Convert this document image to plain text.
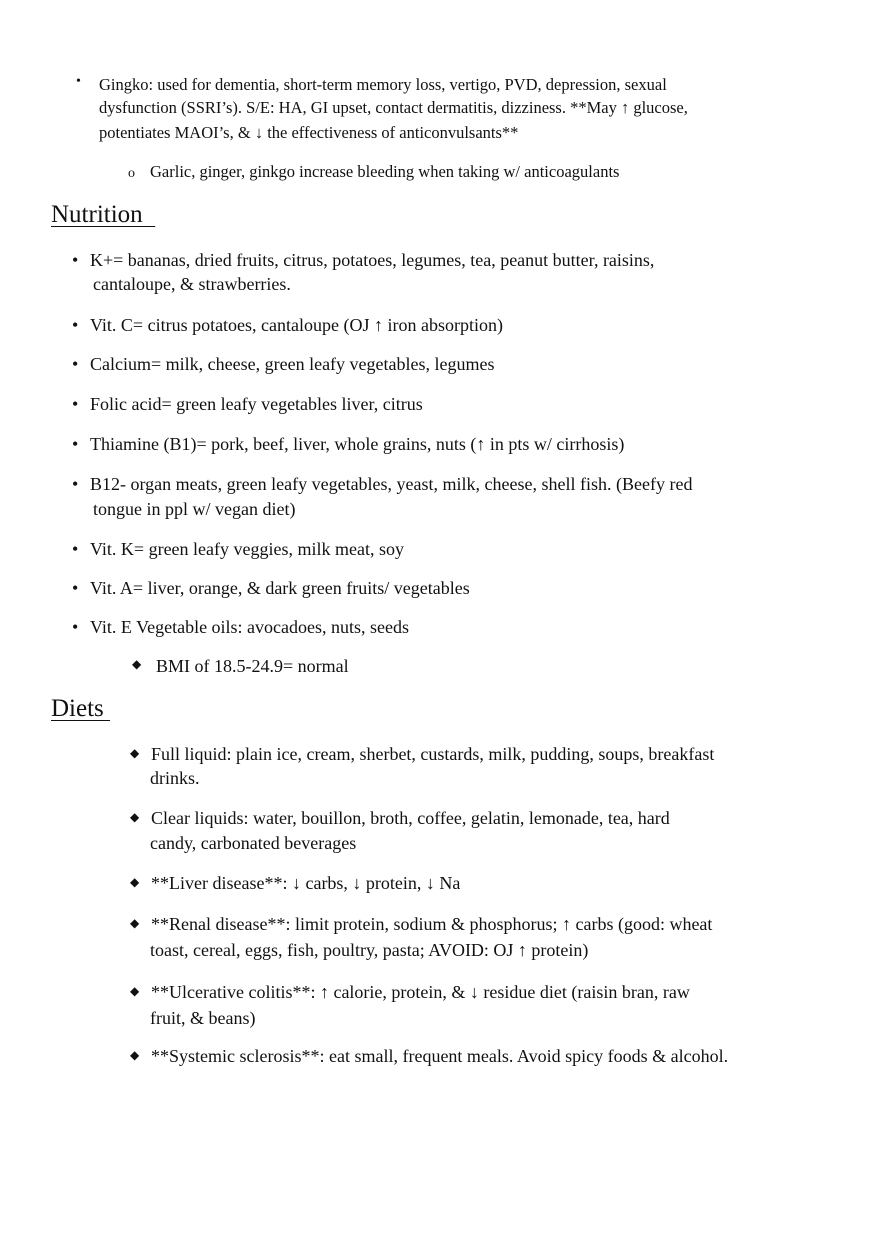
• Gingko: used for dementia, short-term memory loss, vertigo, PVD, depression, sexual
dysfunction (SSRI’s). S/E: HA, GI upset, contact dermatitis, dizziness. **May ↑ glucose,
potentiates MAOI’s, & ↓ the effectiveness of anticonvulsants**
o Garlic, ginger, ginkgo increase bleeding when taking w/ anticoagulants
Nutrition
• K+= bananas, dried fruits, citrus, potatoes, legumes, tea, peanut butter, raisins,
cantaloupe, & strawberries.
• Vit. C= citrus potatoes, cantaloupe (OJ ↑ iron absorption)
• Calcium= milk, cheese, green leafy vegetables, legumes
• Folic acid= green leafy vegetables liver, citrus
• Thiamine (B1)= pork, beef, liver, whole grains, nuts (↑ in pts w/ cirrhosis)
• B12- organ meats, green leafy vegetables, yeast, milk, cheese, shell fish. (Beefy red
tongue in ppl w/ vegan diet)
• Vit. K= green leafy veggies, milk meat, soy
• Vit. A= liver, orange, & dark green fruits/ vegetables
• Vit. E Vegetable oils: avocadoes, nuts, seeds
◆ BMI of 18.5-24.9= normal
Diets
◆ Full liquid: plain ice, cream, sherbet, custards, milk, pudding, soups, breakfast
drinks.
◆ Clear liquids: water, bouillon, broth, coffee, gelatin, lemonade, tea, hard
candy, carbonated beverages
◆ **Liver disease**: ↓ carbs, ↓ protein, ↓ Na
◆ **Renal disease**: limit protein, sodium & phosphorus; ↑ carbs (good: wheat
toast, cereal, eggs, fish, poultry, pasta; AVOID: OJ ↑ protein)
◆ **Ulcerative colitis**: ↑ calorie, protein, & ↓ residue diet (raisin bran, raw
fruit, & beans)
◆ **Systemic sclerosis**: eat small, frequent meals. Avoid spicy foods & alcohol.
